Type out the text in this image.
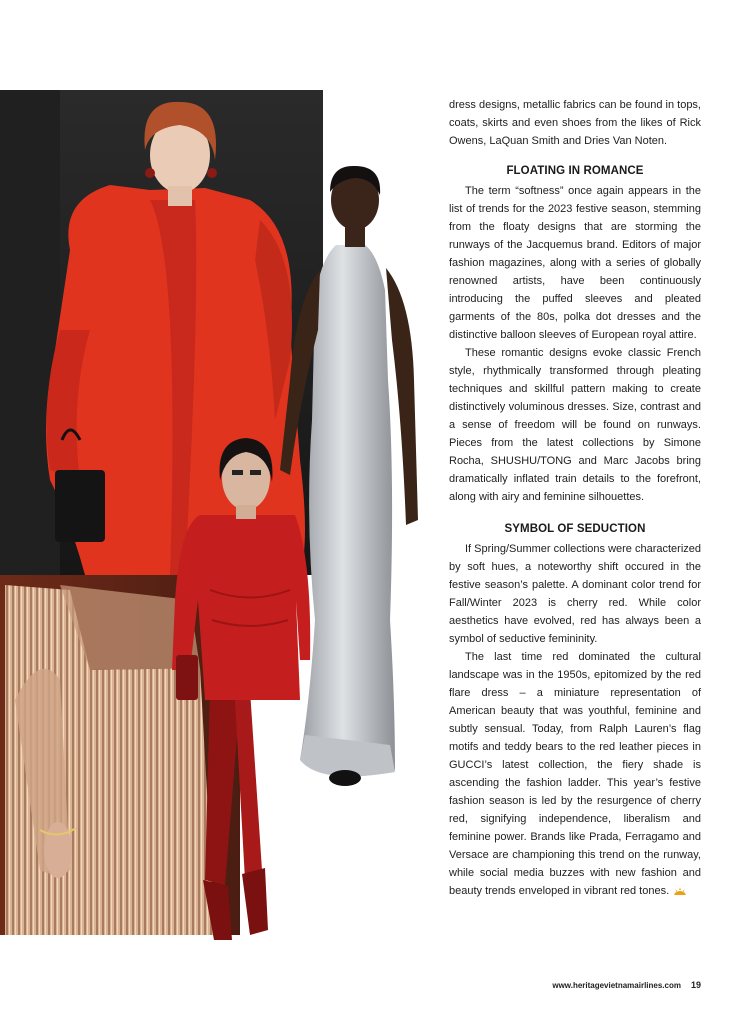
dress designs, metallic fabrics can be found in tops, coats, skirts and even shoes from the likes of Rick Owens, LaQuan Smith and Dries Van Noten.

FLOATING IN ROMANCE

The term “softness” once again appears in the list of trends for the 2023 festive season, stemming from the floaty designs that are storming the runways of the Jacquemus brand. Editors of major fashion magazines, along with a series of globally renowned artists, have been continuously introducing the puffed sleeves and pleated garments of the 80s, polka dot dresses and the distinctive balloon sleeves of European royal attire.

These romantic designs evoke classic French style, rhythmically transformed through pleating techniques and skillful pattern making to create distinctively voluminous dresses. Size, contrast and a sense of freedom will be found on runways. Pieces from the latest collections by Simone Rocha, SHUSHU/TONG and Marc Jacobs bring dramatically inflated train details to the forefront, along with airy and feminine silhouettes.

SYMBOL OF SEDUCTION

If Spring/Summer collections were characterized by soft hues, a noteworthy shift occured in the festive season’s palette. A dominant color trend for Fall/Winter 2023 is cherry red. While color aesthetics have evolved, red has always been a symbol of seductive femininity.

The last time red dominated the cultural landscape was in the 1950s, epitomized by the red flare dress – a miniature representation of American beauty that was youthful, feminine and subtly sensual. Today, from Ralph Lauren’s flag motifs and teddy bears to the red leather pieces in GUCCI’s latest collection, the fiery shade is ascending the fashion ladder. This year’s festive fashion season is led by the resurgence of cherry red, signifying independence, liberalism and feminine power. Brands like Prada, Ferragamo and Versace are championing this trend on the runway, while social media buzzes with new fashion and beauty trends enveloped in vibrant red tones.

www.heritagevietnamairlines.com 19
